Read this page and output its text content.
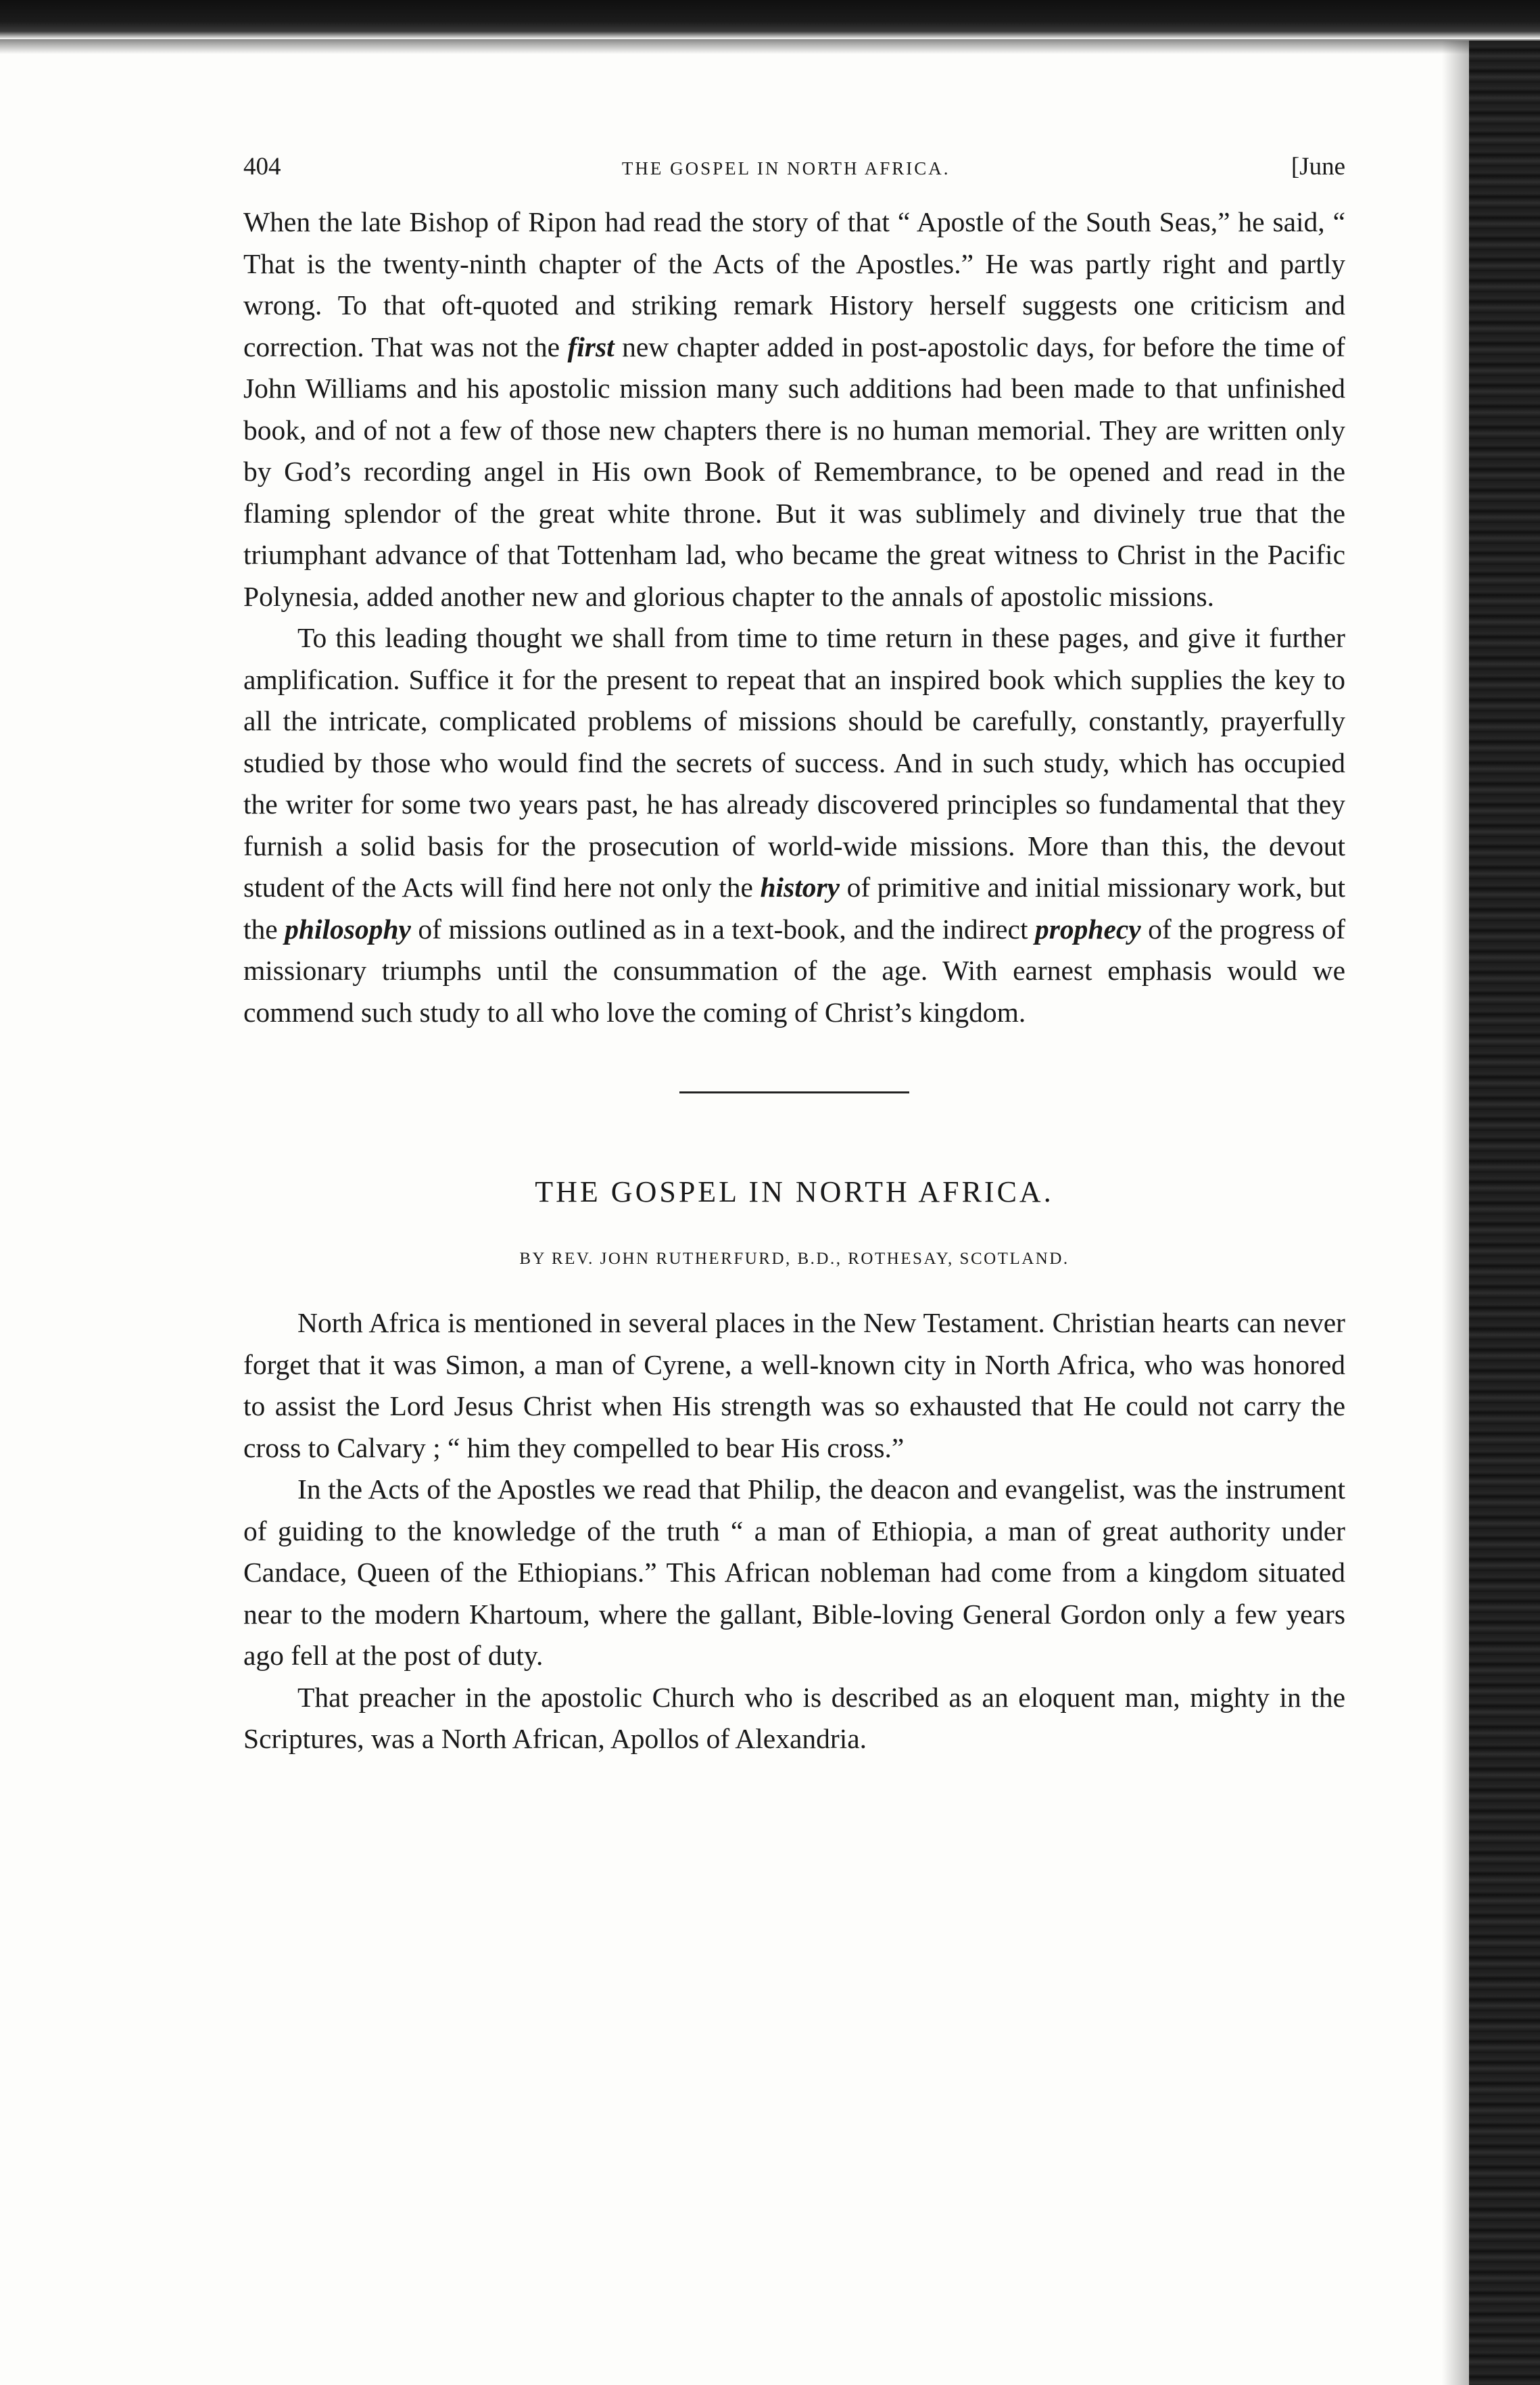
404	THE GOSPEL IN NORTH AFRICA.	[June

When the late Bishop of Ripon had read the story of that “ Apostle of the South Seas,” he said, “ That is the twenty-ninth chapter of the Acts of the Apostles.” He was partly right and partly wrong. To that oft-quoted and striking remark History herself suggests one criticism and correction. That was not the first new chapter added in post-apostolic days, for before the time of John Williams and his apostolic mission many such additions had been made to that unfinished book, and of not a few of those new chapters there is no human memorial. They are written only by God’s recording angel in His own Book of Remembrance, to be opened and read in the flaming splendor of the great white throne. But it was sublimely and divinely true that the triumphant advance of that Tottenham lad, who became the great witness to Christ in the Pacific Polynesia, added another new and glorious chapter to the annals of apostolic missions.

To this leading thought we shall from time to time return in these pages, and give it further amplification. Suffice it for the present to repeat that an inspired book which supplies the key to all the intricate, complicated problems of missions should be carefully, constantly, prayerfully studied by those who would find the secrets of success. And in such study, which has occupied the writer for some two years past, he has already discovered principles so fundamental that they furnish a solid basis for the prosecution of world-wide missions. More than this, the devout student of the Acts will find here not only the history of primitive and initial missionary work, but the philosophy of missions outlined as in a text-book, and the indirect prophecy of the progress of missionary triumphs until the consummation of the age. With earnest emphasis would we commend such study to all who love the coming of Christ’s kingdom.

THE GOSPEL IN NORTH AFRICA.
BY REV. JOHN RUTHERFURD, B.D., ROTHESAY, SCOTLAND.

North Africa is mentioned in several places in the New Testament. Christian hearts can never forget that it was Simon, a man of Cyrene, a well-known city in North Africa, who was honored to assist the Lord Jesus Christ when His strength was so exhausted that He could not carry the cross to Calvary ; “ him they compelled to bear His cross.”

In the Acts of the Apostles we read that Philip, the deacon and evangelist, was the instrument of guiding to the knowledge of the truth “ a man of Ethiopia, a man of great authority under Candace, Queen of the Ethiopians.” This African nobleman had come from a kingdom situated near to the modern Khartoum, where the gallant, Bible-loving General Gordon only a few years ago fell at the post of duty.

That preacher in the apostolic Church who is described as an eloquent man, mighty in the Scriptures, was a North African, Apollos of Alexandria.
